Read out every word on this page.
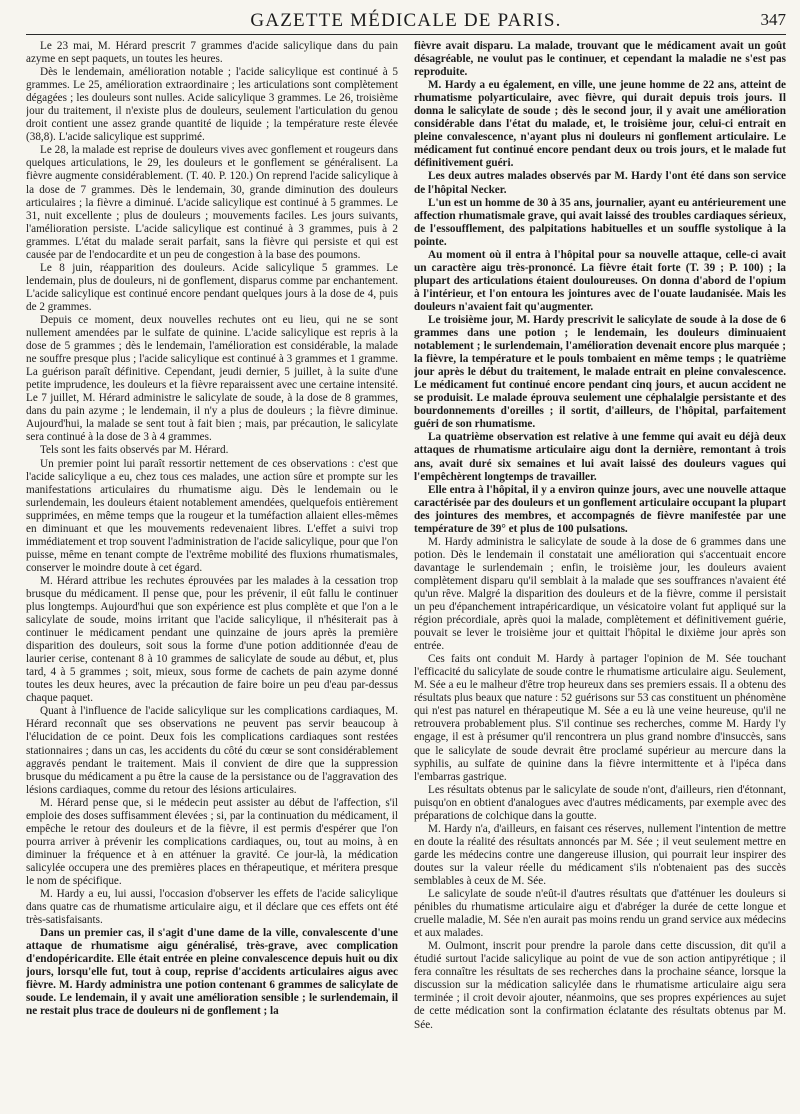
GAZETTE MÉDICALE DE PARIS.	347

Le 23 mai, M. Hérard prescrit 7 grammes d'acide salicylique dans du pain azyme en sept paquets, un toutes les heures.

Dès le lendemain, amélioration notable ; l'acide salicylique est continué à 5 grammes. Le 25, amélioration extraordinaire ; les articulations sont complètement dégagées ; les douleurs sont nulles. Acide salicylique 3 grammes. Le 26, troisième jour du traitement, il n'existe plus de douleurs, seulement l'articulation du genou droit contient une assez grande quantité de liquide ; la température reste élevée (38,8). L'acide salicylique est supprimé.

Le 28, la malade est reprise de douleurs vives avec gonflement et rougeurs dans quelques articulations, le 29, les douleurs et le gonflement se généralisent. La fièvre augmente considérablement. (T. 40. P. 120.) On reprend l'acide salicylique à la dose de 7 grammes. Dès le lendemain, 30, grande diminution des douleurs articulaires ; la fièvre a diminué. L'acide salicylique est continué à 5 grammes. Le 31, nuit excellente ; plus de douleurs ; mouvements faciles. Les jours suivants, l'amélioration persiste. L'acide salicylique est continué à 3 grammes, puis à 2 grammes. L'état du malade serait parfait, sans la fièvre qui persiste et qui est causée par de l'endocardite et un peu de congestion à la base des poumons.

Le 8 juin, réapparition des douleurs. Acide salicylique 5 grammes. Le lendemain, plus de douleurs, ni de gonflement, disparus comme par enchantement. L'acide salicylique est continué encore pendant quelques jours à la dose de 4, puis de 2 grammes.

Depuis ce moment, deux nouvelles rechutes ont eu lieu, qui ne se sont nullement amendées par le sulfate de quinine. L'acide salicylique est repris à la dose de 5 grammes ; dès le lendemain, l'amélioration est considérable, la malade ne souffre presque plus ; l'acide salicylique est continué à 3 grammes et 1 gramme. La guérison paraît définitive. Cependant, jeudi dernier, 5 juillet, à la suite d'une petite imprudence, les douleurs et la fièvre reparaissent avec une certaine intensité. Le 7 juillet, M. Hérard administre le salicylate de soude, à la dose de 8 grammes, dans du pain azyme ; le lendemain, il n'y a plus de douleurs ; la fièvre diminue. Aujourd'hui, la malade se sent tout à fait bien ; mais, par précaution, le salicylate sera continué à la dose de 3 à 4 grammes.

Tels sont les faits observés par M. Hérard.

Un premier point lui paraît ressortir nettement de ces observations : c'est que l'acide salicylique a eu, chez tous ces malades, une action sûre et prompte sur les manifestations articulaires du rhumatisme aigu. Dès le lendemain ou le surlendemain, les douleurs étaient notablement amendées, quelquefois entièrement supprimées, en même temps que la rougeur et la tuméfaction allaient elles-mêmes en diminuant et que les mouvements redevenaient libres. L'effet a suivi trop immédiatement et trop souvent l'administration de l'acide salicylique, pour que l'on puisse, même en tenant compte de l'extrême mobilité des fluxions rhumatismales, conserver le moindre doute à cet égard.

M. Hérard attribue les rechutes éprouvées par les malades à la cessation trop brusque du médicament. Il pense que, pour les prévenir, il eût fallu le continuer plus longtemps. Aujourd'hui que son expérience est plus complète et que l'on a le salicylate de soude, moins irritant que l'acide salicylique, il n'hésiterait pas à continuer le médicament pendant une quinzaine de jours après la première disparition des douleurs, soit sous la forme d'une potion additionnée d'eau de laurier cerise, contenant 8 à 10 grammes de salicylate de soude au début, et, plus tard, 4 à 5 grammes ; soit, mieux, sous forme de cachets de pain azyme donné toutes les deux heures, avec la précaution de faire boire un peu d'eau par-dessus chaque paquet.

Quant à l'influence de l'acide salicylique sur les complications cardiaques, M. Hérard reconnaît que ses observations ne peuvent pas servir beaucoup à l'élucidation de ce point. Deux fois les complications cardiaques sont restées stationnaires ; dans un cas, les accidents du côté du cœur se sont considérablement aggravés pendant le traitement. Mais il convient de dire que la suppression brusque du médicament a pu être la cause de la persistance ou de l'aggravation des lésions cardiaques, comme du retour des lésions articulaires.

M. Hérard pense que, si le médecin peut assister au début de l'affection, s'il emploie des doses suffisamment élevées ; si, par la continuation du médicament, il empêche le retour des douleurs et de la fièvre, il est permis d'espérer que l'on pourra arriver à prévenir les complications cardiaques, ou, tout au moins, à en diminuer la fréquence et à en atténuer la gravité. Ce jour-là, la médication salicylée occupera une des premières places en thérapeutique, et méritera presque le nom de spécifique.

M. Hardy a eu, lui aussi, l'occasion d'observer les effets de l'acide salicylique dans quatre cas de rhumatisme articulaire aigu, et il déclare que ces effets ont été très-satisfaisants.

Dans un premier cas, il s'agit d'une dame de la ville, convalescente d'une attaque de rhumatisme aigu généralisé, très-grave, avec complication d'endopéricardite. Elle était entrée en pleine convalescence depuis huit ou dix jours, lorsqu'elle fut, tout à coup, reprise d'accidents articulaires aigus avec fièvre. M. Hardy administra une potion contenant 6 grammes de salicylate de soude. Le lendemain, il y avait une amélioration sensible ; le surlendemain, il ne restait plus trace de douleurs ni de gonflement ; la

fièvre avait disparu. La malade, trouvant que le médicament avait un goût désagréable, ne voulut pas le continuer, et cependant la maladie ne s'est pas reproduite.

M. Hardy a eu également, en ville, une jeune homme de 22 ans, atteint de rhumatisme polyarticulaire, avec fièvre, qui durait depuis trois jours. Il donna le salicylate de soude ; dès le second jour, il y avait une amélioration considérable dans l'état du malade, et, le troisième jour, celui-ci entrait en pleine convalescence, n'ayant plus ni douleurs ni gonflement articulaire. Le médicament fut continué encore pendant deux ou trois jours, et le malade fut définitivement guéri.

Les deux autres malades observés par M. Hardy l'ont été dans son service de l'hôpital Necker.

L'un est un homme de 30 à 35 ans, journalier, ayant eu antérieurement une affection rhumatismale grave, qui avait laissé des troubles cardiaques sérieux, de l'essoufflement, des palpitations habituelles et un souffle systolique à la pointe.

Au moment où il entra à l'hôpital pour sa nouvelle attaque, celle-ci avait un caractère aigu très-prononcé. La fièvre était forte (T. 39 ; P. 100) ; la plupart des articulations étaient douloureuses. On donna d'abord de l'opium à l'intérieur, et l'on entoura les jointures avec de l'ouate laudanisée. Mais les douleurs n'avaient fait qu'augmenter.

Le troisième jour, M. Hardy prescrivit le salicylate de soude à la dose de 6 grammes dans une potion ; le lendemain, les douleurs diminuaient notablement ; le surlendemain, l'amélioration devenait encore plus marquée ; la fièvre, la température et le pouls tombaient en même temps ; le quatrième jour après le début du traitement, le malade entrait en pleine convalescence. Le médicament fut continué encore pendant cinq jours, et aucun accident ne se produisit. Le malade éprouva seulement une céphalalgie persistante et des bourdonnements d'oreilles ; il sortit, d'ailleurs, de l'hôpital, parfaitement guéri de son rhumatisme.

La quatrième observation est relative à une femme qui avait eu déjà deux attaques de rhumatisme articulaire aigu dont la dernière, remontant à trois ans, avait duré six semaines et lui avait laissé des douleurs vagues qui l'empêchèrent longtemps de travailler.

Elle entra à l'hôpital, il y a environ quinze jours, avec une nouvelle attaque caractérisée par des douleurs et un gonflement articulaire occupant la plupart des jointures des membres, et accompagnés de fièvre manifestée par une température de 39° et plus de 100 pulsations.

M. Hardy administra le salicylate de soude à la dose de 6 grammes dans une potion. Dès le lendemain il constatait une amélioration qui s'accentuait encore davantage le surlendemain ; enfin, le troisième jour, les douleurs avaient complètement disparu qu'il semblait à la malade que ses souffrances n'avaient été qu'un rêve. Malgré la disparition des douleurs et de la fièvre, comme il persistait un peu d'épanchement intrapéricardique, un vésicatoire volant fut appliqué sur la région précordiale, après quoi la malade, complètement et définitivement guérie, pouvait se lever le troisième jour et quittait l'hôpital le dixième jour après son entrée.

Ces faits ont conduit M. Hardy à partager l'opinion de M. Sée touchant l'efficacité du salicylate de soude contre le rhumatisme articulaire aigu. Seulement, M. Sée a eu le malheur d'être trop heureux dans ses premiers essais. Il a obtenu des résultats plus beaux que nature : 52 guérisons sur 53 cas constituent un phénomène qui n'est pas naturel en thérapeutique M. Sée a eu là une veine heureuse, qu'il ne retrouvera probablement plus. S'il continue ses recherches, comme M. Hardy l'y engage, il est à présumer qu'il rencontrera un plus grand nombre d'insuccès, sans que le salicylate de soude devrait être proclamé supérieur au mercure dans la syphilis, au sulfate de quinine dans la fièvre intermittente et à l'ipéca dans l'embarras gastrique.

Les résultats obtenus par le salicylate de soude n'ont, d'ailleurs, rien d'étonnant, puisqu'on en obtient d'analogues avec d'autres médicaments, par exemple avec des préparations de colchique dans la goutte.

M. Hardy n'a, d'ailleurs, en faisant ces réserves, nullement l'intention de mettre en doute la réalité des résultats annoncés par M. Sée ; il veut seulement mettre en garde les médecins contre une dangereuse illusion, qui pourrait leur inspirer des doutes sur la valeur réelle du médicament s'ils n'obtenaient pas des succès semblables à ceux de M. Sée.

Le salicylate de soude n'eût-il d'autres résultats que d'atténuer les douleurs si pénibles du rhumatisme articulaire aigu et d'abréger la durée de cette longue et cruelle maladie, M. Sée n'en aurait pas moins rendu un grand service aux médecins et aux malades.

M. Oulmont, inscrit pour prendre la parole dans cette discussion, dit qu'il a étudié surtout l'acide salicylique au point de vue de son action antipyrétique ; il fera connaître les résultats de ses recherches dans la prochaine séance, lorsque la discussion sur la médication salicylée dans le rhumatisme articulaire aigu sera terminée ; il croit devoir ajouter, néanmoins, que ses propres expériences au sujet de cette médication sont la confirmation éclatante des résultats obtenus par M. Sée.
